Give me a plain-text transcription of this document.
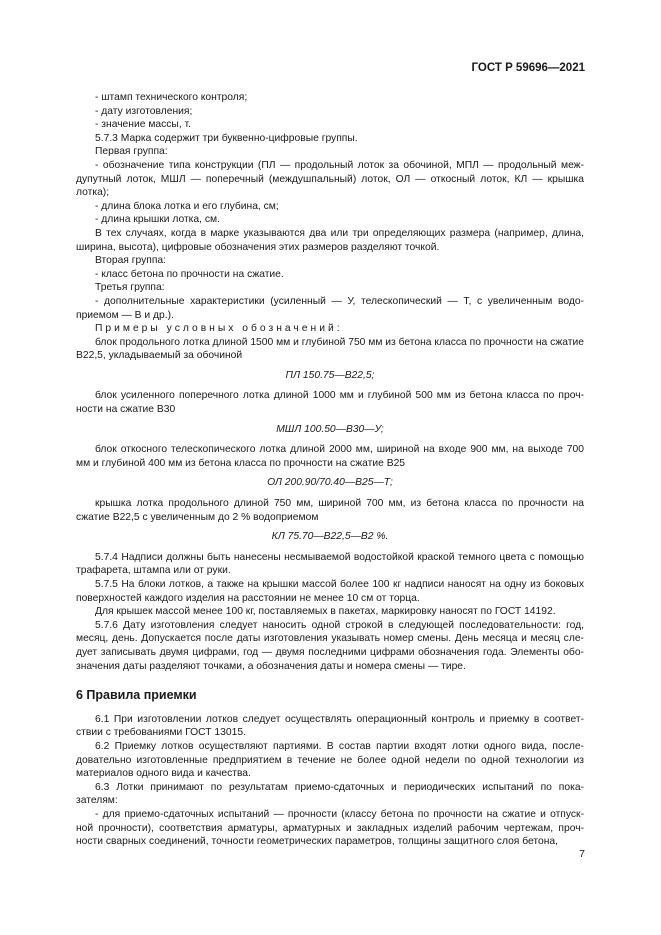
ГОСТ Р 59696—2021

- штамп технического контроля;

- дату изготовления;

- значение массы, т.

5.7.3 Марка содержит три буквенно-цифровые группы.

Первая группа:

- обозначение типа конструкции (ПЛ — продольный лоток за обочиной, МПЛ — продольный меж-дупутный лоток, МШЛ — поперечный (междушпальный) лоток, ОЛ — откосный лоток, КЛ — крышка лотка);

- длина блока лотка и его глубина, см;

- длина крышки лотка, см.

В тех случаях, когда в марке указываются два или три определяющих размера (например, длина, ширина, высота), цифровые обозначения этих размеров разделяют точкой.

Вторая группа:

- класс бетона по прочности на сжатие.

Третья группа:

- дополнительные характеристики (усиленный — У, телескопический — Т, с увеличенным водо-приемом — В и др.).

Примеры условных обозначений:

блок продольного лотка длиной 1500 мм и глубиной 750 мм из бетона класса по прочности на сжатие В22,5, укладываемый за обочиной

ПЛ 150.75—В22,5;

блок усиленного поперечного лотка длиной 1000 мм и глубиной 500 мм из бетона класса по проч-ности на сжатие В30

МШЛ 100.50—В30—У;

блок откосного телескопического лотка длиной 2000 мм, шириной на входе 900 мм, на выходе 700 мм и глубиной 400 мм из бетона класса по прочности на сжатие В25

ОЛ 200.90/70.40—В25—Т;

крышка лотка продольного длиной 750 мм, шириной 700 мм, из бетона класса по прочности на сжатие В22,5 с увеличенным до 2 % водоприемом

КЛ 75.70—В22,5—В2 %.

5.7.4 Надписи должны быть нанесены несмываемой водостойкой краской темного цвета с помощью трафарета, штампа или от руки.

5.7.5 На блоки лотков, а также на крышки массой более 100 кг надписи наносят на одну из боковых поверхностей каждого изделия на расстоянии не менее 10 см от торца.

Для крышек массой менее 100 кг, поставляемых в пакетах, маркировку наносят по ГОСТ 14192.

5.7.6 Дату изготовления следует наносить одной строкой в следующей последовательности: год, месяц, день. Допускается после даты изготовления указывать номер смены. День месяца и месяц сле-дует записывать двумя цифрами, год — двумя последними цифрами обозначения года. Элементы обо-значения даты разделяют точками, а обозначения даты и номера смены — тире.

6 Правила приемки

6.1 При изготовлении лотков следует осуществлять операционный контроль и приемку в соответ-ствии с требованиями ГОСТ 13015.

6.2 Приемку лотков осуществляют партиями. В состав партии входят лотки одного вида, после-довательно изготовленные предприятием в течение не более одной недели по одной технологии из материалов одного вида и качества.

6.3 Лотки принимают по результатам приемо-сдаточных и периодических испытаний по пока-зателям:

- для приемо-сдаточных испытаний — прочности (классу бетона по прочности на сжатие и отпуск-ной прочности), соответствия арматуры, арматурных и закладных изделий рабочим чертежам, проч-ности сварных соединений, точности геометрических параметров, толщины защитного слоя бетона,

7
